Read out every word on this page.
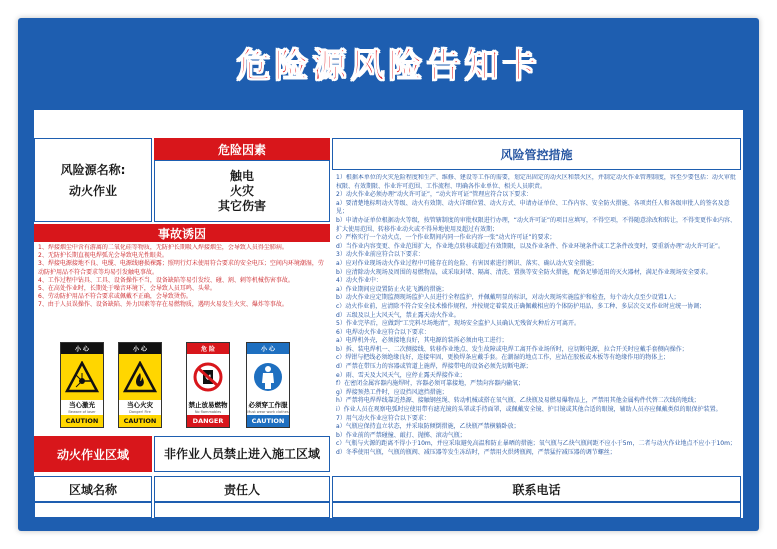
危险源风险告知卡
风险源名称:
动火作业
危险因素
触电
火灾
其它伤害
事故诱因
1、焊接烟尘中含有游离的二氧化硅等物质，无防护长期吸入焊接烟尘，会导致人员得尘肺病。
2、无防护长期直视电焊弧光会导致电光性眼炎。
3、焊接电源接地不良、电缆、电源线磨损裸露；照明行灯未使用符合要求的安全电压；空间内环境潮湿，劳动防护用品不符合要求等均易引发触电事故。
4、工作过程中钻具、工具、设备操作不当，设备缺陷等易引发绞、碰、割、刺等机械伤害事故。
5、在高处作业时，长期处于噪音环境下，会导致人员耳鸣、头晕。
6、劳动防护用品不符合要求或佩戴不正确，会导致烫伤。
7、由于人员误操作、设备缺陷、外力因素等存在易燃物质，遇明火易发生火灾、爆炸等事故。
小 心
当心激光
Beware of laser
CAUTION
小 心
当心火灾
Danger! Fire
CAUTION
危 险
禁止放易燃物
No flammables
DANGER
小 心
必须穿工作服
Must wear work clothes
CAUTION
风险管控措施
1）根据本单位的火灾危险程度和生产、维修、建设等工作的需要，划定出固定的动火区和禁火区，并制定动火作业管理制度，容至少要包括：动火审批权限、有效期限、作业许可范围、工作流程、明确各作业单位、相关人员职责。
2）动火作业必须办理“动火许可证”，“动火许可证”管理应符合以下要求：
a）要清楚地标明动火等级、动火有效期、动火详细位置、动火方式、申请办证单位、工作内容、安全防火措施、各项责任人和各级审批人的签名及意见；
b）申请办证单位根据动火等级，按管辖制度的审批权限进行办理，“动火许可证”的项目应填写，不得空项，不得随意涂改和转让，不得变更作业内容、扩大使用范围、转移作业动火或不得异地使用及超过有效期；
c）严格实行一个动火点，一个作业期间内同一作业内容一张“动火许可证”的要求；
d）当作业内容变更、作业范围扩大，作业地点转移或超过有效期限，以及作业条件、作业环境条件或工艺条件改变时，要重新办理“动火许可证”。
3）动火作业前应符合以下要求：
a）应对作业现场动火作业过程中可能存在的危险、有害因素进行辨识、落实、确认动火安全措施；
b）应清除动火现场及周围的易燃物品，或采取封堵、隔离、清洗、置换等安全防火措施，配备足够适用的灭火器材，满足作业现场安全要求。
4）动火作业中：
a）作业期间应设置防止火花飞溅的措施；
b）动火作业应定期监测现场监护人员进行全程监护，并佩戴明显的标识，对动火现场实施监护和检查，每个动火点至少设置1人；
c）动火作业前，应清除不符合安全技术操作规程，并按规定着装及正确佩戴相应的个体防护用品，多工种、多层次交叉作业时应统一协调；
d）五级及以上大风天气，禁止露天动火作业。
5）作业完毕后，应做到“工完料尽场地清”，现场安全监护人员确认无残留火种后方可离开。
6）电焊动火作业应符合以下要求：
a）电焊机外壳，必须接地良好，其电源的装拆必须由电工进行；
b）拆、装电焊机一、二次侧接线、转移作业地点、发生故障或电焊工离开作业场所时，应切断电源，拉合开关时应戴手套侧向操作；
c）焊钳与把线必须绝缘良好，连接牢固，更换焊条应戴手套。在潮湿的地点工作，应站在胶板或木板等有绝缘作用的物体上；
d）严禁在带压力的容器或管道上施焊，焊接带电的设备必须先切断电源；
e）雨、雪天及大风天气，应停止露天焊接作业；
f）在密闭金属容器内施焊时，容器必须可靠接地，严禁向容器内输氧；
g）焊接预热工件时，应设挡风遮挡措施；
h）严禁将电焊焊线靠近热源、接触钢丝绳、转动机械或搭在氧气瓶、乙炔瓶及易燃易爆物品上，严禁用其他金属构件代替二次线的地线；
i）作业人员在观察电弧时应使用带有滤光镜的头罩或手持面罩，或佩戴安全镜、护目镜或其他合适的眼镜，辅助人员亦应佩戴类似的眼保护装置。
7）用气动火作业应符合以下要求：
a）气瓶应保持直立状态，并采取防倾倒措施，乙炔瓶严禁横躺卧放；
b）作业前的严禁碰撞、敲打、抛掷、滚动气瓶；
c）气瓶与火源的距离不得小于10m，并应采取避免高温和防止暴晒的措施；氧气瓶与乙炔气瓶间距不应小于5m，二者与动火作业地点不应小于10m；
d）冬季使用气瓶，气瓶的瓶阀、减压器等发生冻结时，严禁用火烘烤瓶阀，严禁猛拧减压器的调节螺丝；
动火作业区域	非作业人员禁止进入施工区域
区域名称	责任人	联系电话
